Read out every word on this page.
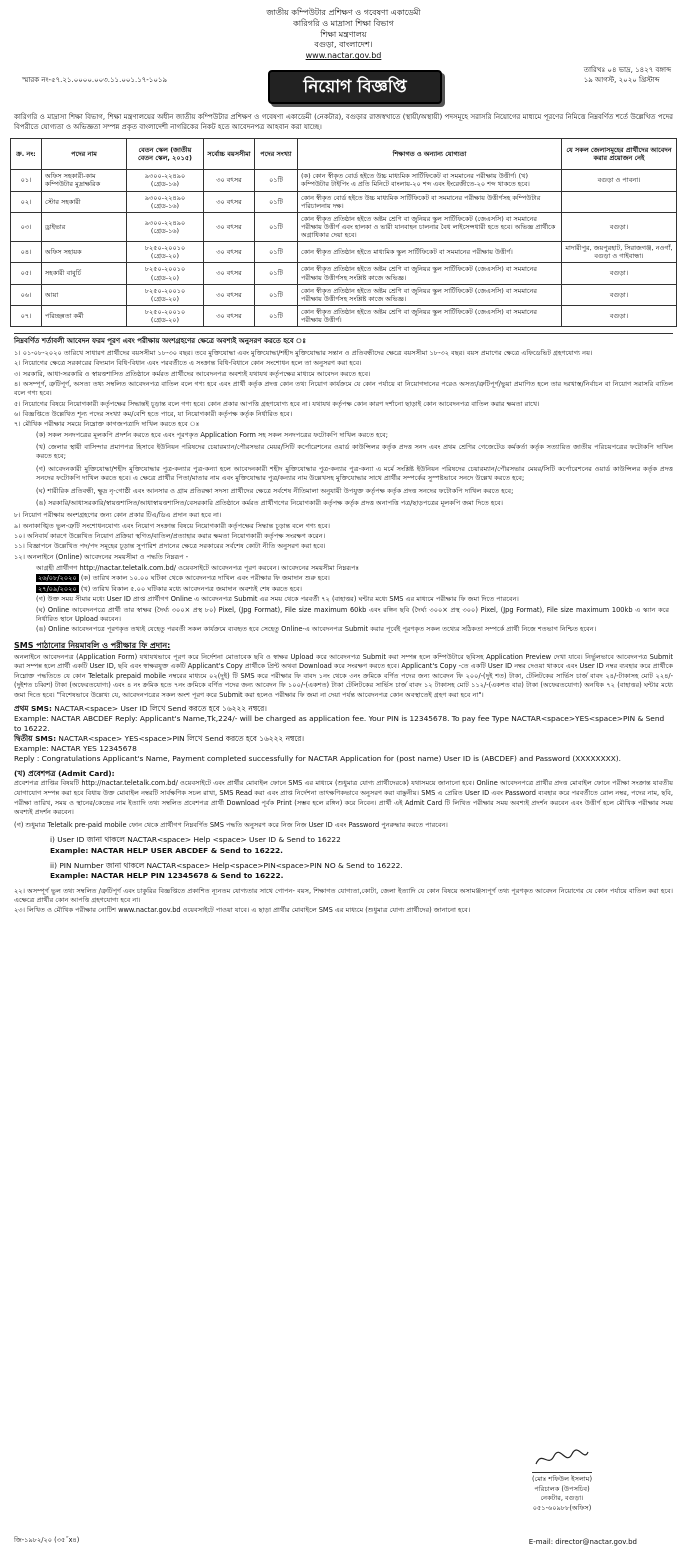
জাতীয় কম্পিউটার প্রশিক্ষণ ও গবেষণা একাডেমী
কারিগরি ও মাদ্রাসা শিক্ষা বিভাগ
শিক্ষা মন্ত্রণালয়
বগুড়া, বাংলাদেশ।
www.nactar.gov.bd
স্মারক নং-৫৭.২১.০০০০.০০৩.১১.০০১.১৭-১০১৯	নিয়োগ বিজ্ঞপ্তি
তারিখঃ ০৪ ভাদ্র, ১৪২৭ বঙ্গাব্দ
১৯ আগস্ট, ২০২০ খ্রিস্টাব্দ
কারিগরি ও মাদ্রাসা শিক্ষা বিভাগ, শিক্ষা মন্ত্রণালয়ের অধীন জাতীয় কম্পিউটার প্রশিক্ষণ ও গবেষণা একাডেমী (নেকটার), বগুড়ার রাজস্বখাতে (স্থায়ী/অস্থায়ী) পদসমূহে সরাসরি নিয়োগের মাধ্যমে পূরণের নিমিত্তে নিম্নবর্ণিত শর্তে উল্লেখিত পদের বিপরীতে যোগ্যতা ও অভিজ্ঞতা সম্পন্ন প্রকৃত বাংলাদেশী নাগরিকের নিকট হতে আবেদনপত্র আহবান করা যাচ্ছে।
ক্র. নং:	পদের নাম	বেতন স্কেল (জাতীয় বেতন স্কেল, ২০১৫)	সর্বোচ্চ বয়সসীমা	পদের সংখ্যা	শিক্ষাগত ও অন্যান্য যোগ্যতা	যে সকল জেলাসমূহের প্রার্থীদের আবেদন করার প্রয়োজন নেই
০১।	অফিস সহকারী-কাম কম্পিউটার মুদ্রাক্ষরিক	৯৩০০-২২৪৯০ (গ্রেড-১৬)	৩০ বৎসর	০১টি	(ক) কোন স্বীকৃত বোর্ড হইতে উচ্চ মাধ্যমিক সার্টিফিকেট বা সমমানের পরীক্ষায় উত্তীর্ণ। (খ) কম্পিউটার টাইপিং এ প্রতি মিনিটে বাংলায়-২০ শব্দ এবং ইংরেজীতে-২০ শব্দ থাকতে হবে।	বগুড়া ও পাবনা।
০২।	স্টোর সহকারী	৯৩০০-২২৪৯০ (গ্রেড-১৬)	৩০ বৎসর	০১টি	কোন স্বীকৃত বোর্ড হইতে উচ্চ মাধ্যমিক সার্টিফিকেট বা সমমানের পরীক্ষায় উত্তীর্ণসহ কম্পিউটার পরিচালনায় দক্ষ।	
০৩।	ড্রাইভার	৯৩০০-২২৪৯০ (গ্রেড-১৬)	৩০ বৎসর	০১টি	কোন স্বীকৃত প্রতিষ্ঠান হইতে অষ্টম শ্রেণি বা জুনিয়র স্কুল সার্টিফিকেট (জেএসসি) বা সমমানের পরীক্ষায় উত্তীর্ণ এবং হালকা ও ভারী যানবাহন চালনার বৈধ লাইসেন্সধারী হতে হবে। অভিজ্ঞ প্রার্থীকে অগ্রাধিকার দেয়া হবে।	বগুড়া।
০৪।	অফিস সহায়ক	৮২৫০-২০০১০ (গ্রেড-২০)	৩০ বৎসর	০১টি	কোন স্বীকৃত প্রতিষ্ঠান হইতে মাধ্যমিক স্কুল সার্টিফিকেট বা সমমানের পরীক্ষায় উত্তীর্ণ।	মাদারীপুর, জয়পুরহাট, সিরাজগঞ্জ, নওগাঁ, বগুড়া ও গাইবান্ধা।
০৫।	সহকারী বাবুর্চি	৮২৫০-২০০১০ (গ্রেড-২০)	৩০ বৎসর	০১টি	কোন স্বীকৃত প্রতিষ্ঠান হইতে অষ্টম শ্রেণি বা জুনিয়র স্কুল সার্টিফিকেট (জেএসসি) বা সমমানের পরীক্ষায় উত্তীর্ণসহ সংশ্লিষ্ট কাজে অভিজ্ঞ।	বগুড়া।
০৬।	আয়া	৮২৫০-২০০১০ (গ্রেড-২০)	৩০ বৎসর	০১টি	কোন স্বীকৃত প্রতিষ্ঠান হইতে অষ্টম শ্রেণি বা জুনিয়র স্কুল সার্টিফিকেট (জেএসসি) বা সমমানের পরীক্ষায় উত্তীর্ণসহ সংশ্লিষ্ট কাজে অভিজ্ঞ।	বগুড়া।
০৭।	পরিচ্ছন্নতা কর্মী	৮২৫০-২০০১০ (গ্রেড-২০)	৩০ বৎসর	০১টি	কোন স্বীকৃত প্রতিষ্ঠান হইতে অষ্টম শ্রেণি বা জুনিয়র স্কুল সার্টিফিকেট (জেএসসি) বা সমমানের পরীক্ষায় উত্তীর্ণ।	বগুড়া।
নিম্নবর্ণিত শর্তাবলী আবেদন ফরম পূরণ এবং পরীক্ষায় অংশগ্রহণের ক্ষেত্রে অবশ্যই অনুসরণ করতে হবে ঃ

১। ০১-০৮-২০২০ তারিখে সাধারণ প্রার্থীদের বয়সসীমা ১৮-৩০ বছর। তবে মুক্তিযোদ্ধা এবং মুক্তিযোদ্ধা/শহীদ মুক্তিযোদ্ধার সন্তান ও প্রতিবন্ধীদের ক্ষেত্রে বয়সসীমা ১৮-৩২ বছর। বয়স প্রমাণের ক্ষেত্রে এফিডেভিট গ্রহণযোগ্য নয়।

২। নিয়োগের ক্ষেত্রে সরকারের বিদ্যমান বিধি-বিধান এবং পরবর্তীতে এ সংক্রান্ত বিধি-বিধানে কোন সংশোধন হলে তা অনুসরণ করা হবে।

৩। সরকারি, আধা-সরকারি ও স্বায়ত্তশাসিত প্রতিষ্ঠানে কর্মরত প্রার্থীদের আবেদনপত্র অবশ্যই যথাযথ কর্তৃপক্ষের মাধ্যমে আবেদন করতে হবে।

৪। অসম্পূর্ণ, ত্রুটিপূর্ণ, অসত্য তথ্য সম্বলিত আবেদনপত্র বাতিল বলে গণ্য হবে এবং প্রার্থী কর্তৃক প্রদত্ত কোন তথ্য নিয়োগ কার্যক্রমে যে কোন পর্যায়ে বা নিয়োগদানের পরেও অসত্য/ত্রুটিপূর্ণ/ভুয়া প্রমাণিত হলে তার দরখাস্ত/নির্বাচন বা নিয়োগ সরাসরি বাতিল বলে গণ্য হবে।

৫। নিয়োগের বিষয়ে নিয়োগকারী কর্তৃপক্ষের সিদ্ধান্তই চূড়ান্ত বলে গণ্য হবে। কোন প্রকার আপত্তি গ্রহণযোগ্য হবে না। যথাযথ কর্তৃপক্ষ কোন কারণ দর্শানো ছাড়াই কোন আবেদনপত্র বাতিল করার ক্ষমতা রাখে।

৬। বিজ্ঞপ্তিতে উল্লেখিত শূন্য পদের সংখ্যা কম/বেশি হতে পারে, যা নিয়োগকারী কর্তৃপক্ষ কর্তৃক নির্ধারিত হবে।

৭। মৌখিক পরীক্ষার সময়ে নিম্নোক্ত কাগজপত্রাদি দাখিল করতে হবে ঃ

(ক) সকল সনদপত্রের মূলকপি প্রদর্শন করতে হবে এবং পূরণকৃত Application Form সহ সকল সনদপত্রের ফটোকপি দাখিল করতে হবে;

(খ) জেলার স্থায়ী বাসিন্দার প্রমাণপত্র হিসাবে ইউনিয়ন পরিষদের চেয়ারম্যান/পৌরসভার মেয়র/সিটি কর্পোরেশনের ওয়ার্ড কাউন্সিলর কর্তৃক প্রদত্ত সনদ এবং প্রথম শ্রেণির গেজেটেড কর্মকর্তা কর্তৃক সত্যায়িত জাতীয় পরিচয়পত্রের ফটোকপি দাখিল করতে হবে;

(গ) আবেদনকারী মুক্তিযোদ্ধা/শহীদ মুক্তিযোদ্ধার পুত্র-কন্যার পুত্র-কন্যা হলে আবেদনকারী শহীদ মুক্তিযোদ্ধার পুত্র-কন্যার পুত্র-কন্যা এ মর্মে সংশ্লিষ্ট ইউনিয়ন পরিষদের চেয়ারম্যান/পৌরসভার মেয়র/সিটি কর্পোরেশনের ওয়ার্ড কাউন্সিলর কর্তৃক প্রদত্ত সনদের ফটোকপি দাখিল করতে হবে। এ ক্ষেত্রে প্রার্থীর পিতা/মাতার নাম এবং মুক্তিযোদ্ধার পুত্র/কন্যার নাম উল্লেখসহ মুক্তিযোদ্ধার সাথে প্রার্থীর সম্পর্কের সুস্পষ্টভাবে সনদে উল্লেখ করতে হবে;

(ঘ) শারীরিক প্রতিবন্ধী, ক্ষুদ্র নৃ-গোষ্ঠী এবং আনসার ও গ্রাম প্রতিরক্ষা সদস্য প্রার্থীদের ক্ষেত্রে সর্বশেষ নীতিমালা অনুযায়ী উপযুক্ত কর্তৃপক্ষ কর্তৃক প্রদত্ত সনদের ফটোকপি দাখিল করতে হবে;

(ঙ) সরকারি/আধাসরকারি/স্বায়ত্তশাসিত/আধাস্বায়ত্তশাসিত/বেসরকারি প্রতিষ্ঠানে কর্মরত প্রার্থীগণের নিয়োগকারী কর্তৃপক্ষ কর্তৃক প্রদত্ত অনাপত্তি পত্র/ছাড়পত্রের মূলকপি জমা দিতে হবে।

৮। নিয়োগ পরীক্ষায় অংশগ্রহণের জন্য কোন প্রকার টিএ/ডিএ প্রদান করা হবে না।

৯। অনাকাঙ্খিত ভুল-ত্রুটি সংশোধনযোগ্য এবং নিয়োগ সংক্রান্ত বিষয়ে নিয়োগকারী কর্তৃপক্ষের সিদ্ধান্ত চূড়ান্ত বলে গণ্য হবে।

১০। অনিবার্য কারণে উল্লেখিত নিয়োগ প্রক্রিয়া স্থগিত/বাতিল/প্রত্যাহার করার ক্ষমতা নিয়োগকারী কর্তৃপক্ষ সংরক্ষণ করেন।

১১। বিজ্ঞাপনে উল্লেখিত পদ/পদ সমূহের চূড়ান্ত সুপারিশ প্রদানের ক্ষেত্রে সরকারের সর্বশেষ কোটা নীতি অনুসরণ করা হবে।

১২। অনলাইনে (Online) আবেদনের সময়সীমা ও পদ্ধতি নিম্নরূপ -

আগ্রহী প্রার্থীগণ http://nactar.teletalk.com.bd/ ওয়েবসাইটে আবেদনপত্র পূরণ করবেন। আবেদনের সময়সীমা নিম্নরূপঃ

২৬/০৮/২০২০ (ক) তারিখ সকাল ১০.০০ ঘটিকা থেকে আবেদনপত্র দাখিল এবং পরীক্ষার ফি জমাদান শুরু হবে।

২৭/০৯/২০২০ (খ) তারিখ বিকাল ৫.০০ ঘটিকার মধ্যে আবেদনপত্র জমাদান অবশ্যই শেষ করতে হবে।

(গ) উক্ত সময় সীমার মধ্যে User ID প্রাপ্ত প্রার্থীগণ Online এ আবেদনপত্র Submit এর সময় থেকে পরবর্তী ৭২ (বাহাত্তর) ঘন্টার মধ্যে SMS এর মাধ্যমে পরীক্ষার ফি জমা দিতে পারবেন।

(ঘ) Online আবেদনপত্রে প্রার্থী তার স্বাক্ষর (দৈর্ঘ্য ৩০০× প্রস্থ ৮০) Pixel, (Jpg Format), File size maximum 60kb এবং রঙ্গিন ছবি (দৈর্ঘ্য ৩০০× প্রস্থ ৩০০) Pixel, (Jpg Format), File size maximum 100kb এ স্ক্যান করে নির্ধারিত স্থানে Upload করবেন।

(ঙ) Online আবেদনপত্রে পূরণকৃত তথ্যই যেহেতু পরবর্তী সকল কার্যক্রমে ব্যবহৃত হবে সেহেতু Online-এ আবেদনপত্র Submit করার পূর্বেই পূরণকৃত সকল তথ্যের সঠিকতা সম্পর্কে প্রার্থী নিজে শতভাগ নিশ্চিত হবেন।

SMS পাঠানোর নিয়মাবলি ও পরীক্ষার ফি প্রদান:
অনলাইনে আবেদনপত্র (Application Form) যথাযথভাবে পূরণ করে নির্দেশনা মোতাবেক ছবি ও স্বাক্ষর Upload করে আবেদনপত্র Submit করা সম্পন্ন হলে কম্পিউটারে ছবিসহ Application Preview দেখা যাবে। নির্ভুলভাবে আবেদনপত্র Submit করা সম্পন্ন হলে প্রার্থী একটি User ID, ছবি এবং স্বাক্ষরযুক্ত একটি Applicant's Copy প্রার্থীকে প্রিন্ট অথবা Download করে সংরক্ষণ করতে হবে। Applicant's Copy -তে একটি User ID নম্বর দেওয়া থাকবে এবং User ID নম্বর ব্যবহার করে প্রার্থীকে নিম্নোক্ত পদ্ধতিতে যে কোন Teletalk prepaid mobile নম্বরের মাধ্যমে ০২(দুই) টি SMS করে পরীক্ষার ফি বাবদ ১নং থেকে ৩নং ক্রমিকে বর্ণিত পদের জন্য আবেদন ফি ২০০/-(দুই শত) টাকা, টেলিটকের সার্ভিস চার্জ বাবদ ২৪/-টাকাসহ মোট ২২৪/- (দুইশত চব্বিশ) টাকা (অফেরতযোগ্য) এবং ৪ নং ক্রমিক হতে ৭নং ক্রমিকে বর্ণিত পদের জন্য আবেদন ফি ১০০/-(একশত) টাকা টেলিটকের সার্ভিস চার্জ বাবদ ১২ টাকাসহ মোট ১১২/-(একশত বার) টাকা (অফেরতযোগ্য) অনধিক ৭২ (বাহাত্তর) ঘন্টার মধ্যে জমা দিতে হবে। "বিশেষভাবে উল্লেখ্য যে, আবেদনপত্রের সকল অংশ পূরণ করে Submit করা হলেও পরীক্ষার ফি জমা না দেয়া পর্যন্ত আবেদনপত্র কোন অবস্থাতেই গ্রহণ করা হবে না"।
প্রথম SMS: NACTAR<space> User ID লিখে Send করতে হবে ১৬২২২ নম্বরে।
Example: NACTAR ABCDEF Reply: Applicant's Name,Tk,224/- will be charged as application fee. Your PIN is 12345678. To pay fee Type NACTAR<space>YES<space>PIN & Send to 16222.
দ্বিতীয় SMS: NACTAR<space> YES<space>PIN লিখে Send করতে হবে ১৬২২২ নম্বরে।
Example: NACTAR YES 12345678
Reply : Congratulations Applicant's Name, Payment completed successfully for NACTAR Application for (post name) User ID is (ABCDEF) and Password (XXXXXXXX).
(খ) প্রবেশপত্র (Admit Card):
প্রবেশপত্র প্রাপ্তির বিষয়টি http://nactar.teletalk.com.bd/ ওয়েবসাইটে এবং প্রার্থীর মোবাইল ফোনে SMS এর মাধ্যমে (শুধুমাত্র যোগ্য প্রার্থীদেরকে) যথাসময়ে জানানো হবে। Online আবেদনপত্রে প্রার্থীর প্রদত্ত মোবাইল ফোনে পরীক্ষা সংক্রান্ত যাবতীয় যোগাযোগ সম্পন্ন করা হবে বিধায় উক্ত মোবাইল নম্বরটি সার্বক্ষণিক সচল রাখা, SMS Read করা এবং প্রাপ্ত নির্দেশনা তাৎক্ষণিকভাবে অনুসরণ করা বাঞ্ছনীয়। SMS এ প্রেরিত User ID এবং Password ব্যবহার করে পরবর্তীতে রোল নম্বর, পদের নাম, ছবি, পরীক্ষা তারিখ, সময় ও স্থানের/কেন্দ্রের নাম ইত্যাদি তথ্য সম্বলিত প্রবেশপত্র প্রার্থী Download পূর্বক Print (সম্ভব হলে রঙ্গিন) করে নিবেন। প্রার্থী এই Admit Card টি লিখিত পরীক্ষার সময় অবশ্যই প্রদর্শন করবেন এবং উত্তীর্ণ হলে মৌখিক পরীক্ষার সময় অবশ্যই প্রদর্শন করবেন।
(গ) শুধুমাত্র Teletalk pre-paid mobile ফোন থেকে প্রার্থীগণ নিম্নবর্ণিত SMS পদ্ধতি অনুসরণ করে নিজ নিজ User ID এবং Password পুনরুদ্ধার করতে পারবেন।
i) User ID জানা থাকলে NACTAR<space> Help <space> User ID & Send to 16222
Example: NACTAR HELP USER ABCDEF & Send to 16222.
ii) PIN Number জানা থাকলে NACTAR<space> Help<space>PIN<space>PIN NO & Send to 16222.
Example: NACTAR HELP PIN 12345678 & Send to 16222.

২২। অসম্পূর্ণ ভুল তথ্য সম্বলিত /ত্রুটিপূর্ণ এবং চাকুরির বিজ্ঞপ্তিতে প্রকাশিত ন্যূনতম যোগ্যতার সাথে গোপন- বয়স, শিক্ষাগত যোগ্যতা,কোটা, জেলা ইত্যাদি যে কোন বিষয়ে অসামঞ্জস্যপূর্ণ তথ্য পূরণকৃত আবেদন নিয়োগের যে কোন পর্যায়ে বাতিল করা হবে। এক্ষেত্রে প্রার্থীর কোন আপত্তি গ্রহণযোগ্য হবে না।

২৩। লিখিত ও মৌখিক পরীক্ষার নোটিশ www.nactar.gov.bd ওয়েবসাইটে পাওয়া যাবে। এ ছাড়া প্রার্থীর মোবাইলে SMS এর মাধ্যমে (শুধুমাত্র যোগ্য প্রার্থীদের) জানানো হবে।

(মোঃ শফিউল ইসলাম)
পরিচালক (উপসচিব)
নেকটার, বগুড়া।
০৫১-৬০৯৮৮(অফিস)
জি-১৯৮২/২০ (৩৫˝x৪)	E-mail: director@nactar.gov.bd
